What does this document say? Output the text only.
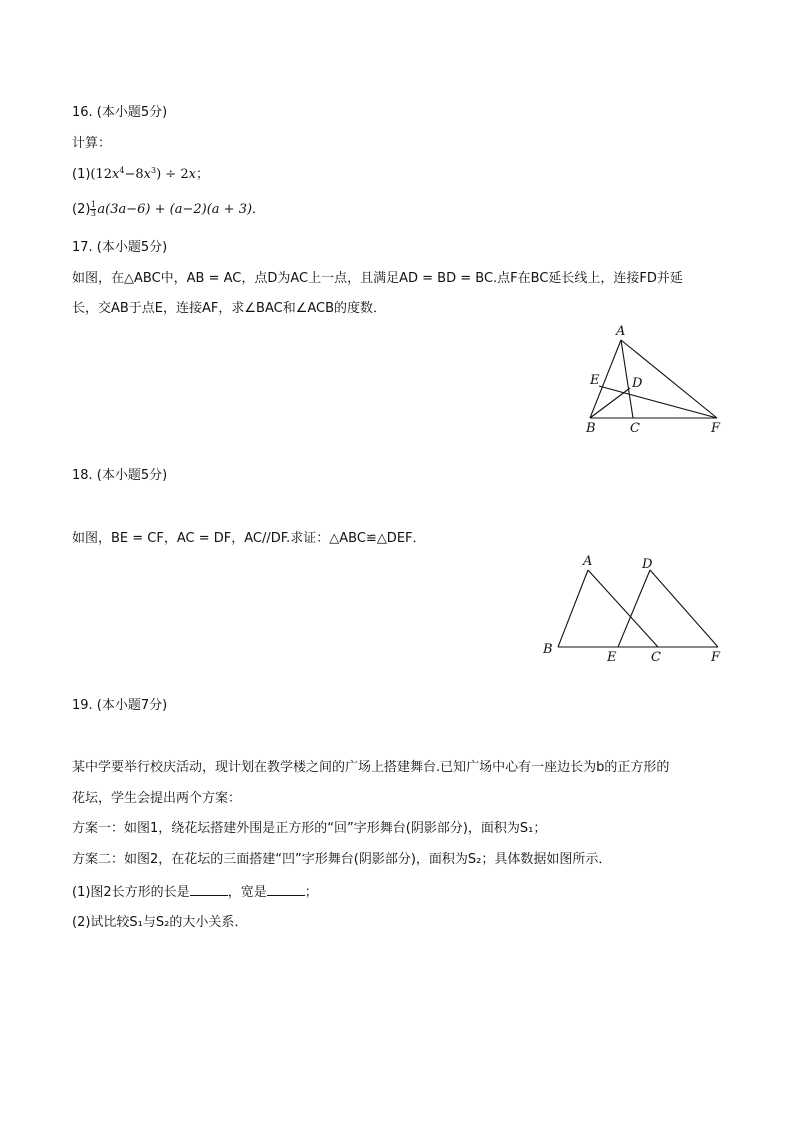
16. (本小题5分)
计算：
$(1)(12x^4-8x^3) \div 2x$；
$(2) \frac{1}{3} a(3a-6) + (a-2)(a + 3)$．
17. (本小题5分)
如图，在△ABC中，AB = AC，点D为AC上一点，且满足AD = BD = BC.点F在BC延长线上，连接FD并延
长，交AB于点E，连接AF，求∠BAC和∠ACB的度数．
A
B	C
D
E
F
18. (本小题5分)
如图，BE = CF，AC = DF，AC//DF.求证：△ABC≌△DEF．
A
B
C
D
E	F
19. (本小题7分)
某中学要举行校庆活动，现计划在教学楼之间的广场上搭建舞台.已知广场中心有一座边长为b的正方形的
花坛，学生会提出两个方案：
方案一：如图1，绕花坛搭建外围是正方形的“回”字形舞台(阴影部分)，面积为S₁；
方案二：如图2，在花坛的三面搭建“凹”字形舞台(阴影部分)，面积为S₂；具体数据如图所示．
(1)图2长方形的长是	，宽是	；
(2)试比较S₁与S₂的大小关系．
